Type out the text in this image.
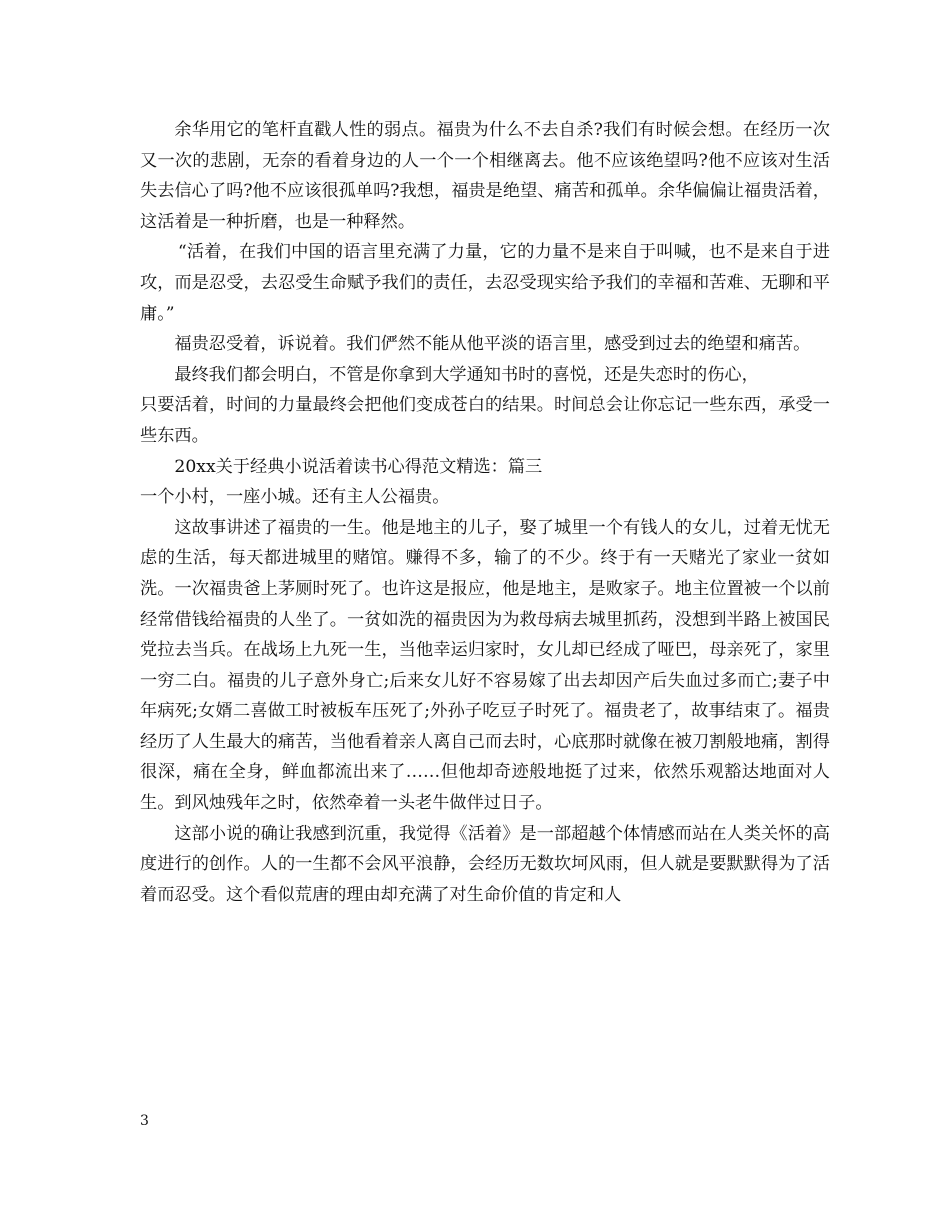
余华用它的笔杆直戳人性的弱点。福贵为什么不去自杀?我们有时候会想。在经历一次又一次的悲剧，无奈的看着身边的人一个一个相继离去。他不应该绝望吗?他不应该对生活失去信心了吗?他不应该很孤单吗?我想，福贵是绝望、痛苦和孤单。余华偏偏让福贵活着，这活着是一种折磨，也是一种释然。

“活着，在我们中国的语言里充满了力量，它的力量不是来自于叫喊，也不是来自于进攻，而是忍受，去忍受生命赋予我们的责任，去忍受现实给予我们的幸福和苦难、无聊和平庸。”

福贵忍受着，诉说着。我们俨然不能从他平淡的语言里，感受到过去的绝望和痛苦。

最终我们都会明白，不管是你拿到大学通知书时的喜悦，还是失恋时的伤心，

只要活着，时间的力量最终会把他们变成苍白的结果。时间总会让你忘记一些东西，承受一些东西。

20xx关于经典小说活着读书心得范文精选：篇三

一个小村，一座小城。还有主人公福贵。

这故事讲述了福贵的一生。他是地主的儿子，娶了城里一个有钱人的女儿，过着无忧无虑的生活，每天都进城里的赌馆。赚得不多，输了的不少。终于有一天赌光了家业一贫如洗。一次福贵爸上茅厕时死了。也许这是报应，他是地主，是败家子。地主位置被一个以前经常借钱给福贵的人坐了。一贫如洗的福贵因为为救母病去城里抓药，没想到半路上被国民党拉去当兵。在战场上九死一生，当他幸运归家时，女儿却已经成了哑巴，母亲死了，家里一穷二白。福贵的儿子意外身亡;后来女儿好不容易嫁了出去却因产后失血过多而亡;妻子中年病死;女婿二喜做工时被板车压死了;外孙子吃豆子时死了。福贵老了，故事结束了。福贵经历了人生最大的痛苦，当他看着亲人离自己而去时，心底那时就像在被刀割般地痛，割得很深，痛在全身，鲜血都流出来了……但他却奇迹般地挺了过来，依然乐观豁达地面对人生。到风烛残年之时，依然牵着一头老牛做伴过日子。

这部小说的确让我感到沉重，我觉得《活着》是一部超越个体情感而站在人类关怀的高度进行的创作。人的一生都不会风平浪静，会经历无数坎坷风雨，但人就是要默默得为了活着而忍受。这个看似荒唐的理由却充满了对生命价值的肯定和人

3
